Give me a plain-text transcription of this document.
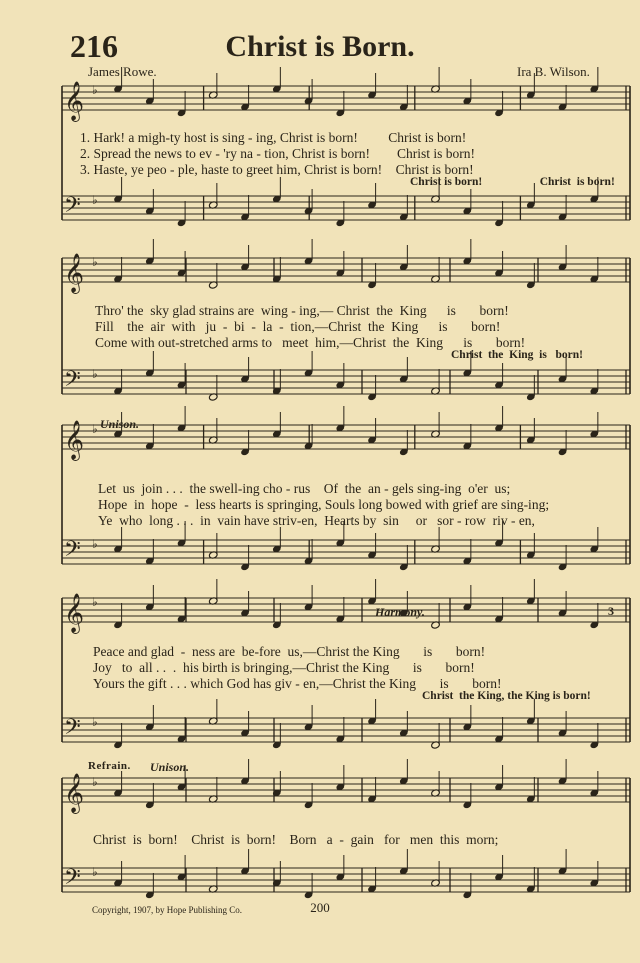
216	Christ is Born.
James Rowe.	Ira B. Wilson.
𝄞 ♭
𝄢 ♭
𝄞 ♭
𝄢 ♭
𝄞 ♭
𝄢 ♭
𝄞 ♭
𝄢 ♭
𝄞 ♭
𝄢 ♭
1. Hark! a migh-ty host is sing - ing, Christ is born!         Christ is born!
2. Spread the news to ev - 'ry na - tion, Christ is born!        Christ is born!
3. Haste, ye peo - ple, haste to greet him, Christ is born!    Christ is born!
Christ is born!                    Christ  is born!
Thro' the  sky glad strains are  wing - ing,— Christ  the  King      is       born!
Fill    the  air  with   ju  -  bi  -  la  -  tion,—Christ  the  King      is       born!
Come with out-stretched arms to   meet  him,—Christ  the  King      is       born!
Christ  the  King  is   born!
Unison.
Let  us  join . . .  the swell-ing cho - rus    Of  the  an - gels sing-ing  o'er  us;
Hope  in  hope  -  less hearts is springing, Souls long bowed with grief are sing-ing;
Ye  who  long . . .  in  vain have striv-en,  Hearts by  sin     or   sor - row  riv - en,
Harmony.	3
Peace and glad  -  ness are  be-fore  us,—Christ the King       is       born!
Joy   to  all . .  .  his birth is bringing,—Christ the King       is       born!
Yours the gift . . . which God has giv - en,—Christ the King       is       born!
Christ  the King, the King is born!
Refrain. Unison.
Christ  is  born!    Christ  is  born!    Born   a  -  gain   for   men  this  morn;
Copyright, 1907, by Hope Publishing Co.	200
